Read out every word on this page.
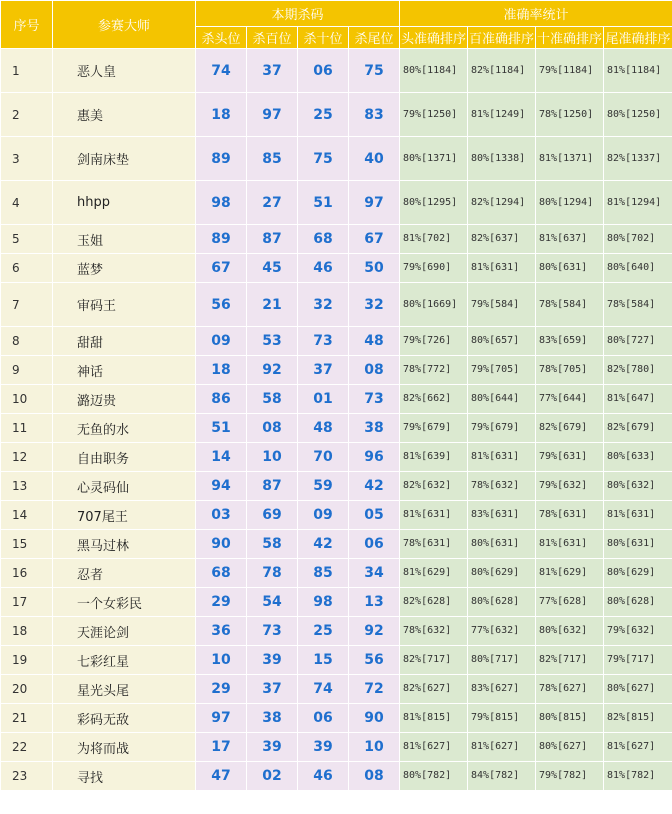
序号	参赛大师	本期杀码				准确率统计			
		杀头位	杀百位	杀十位	杀尾位	头准确排序	百准确排序	十准确排序	尾准确排序
1	恶人皇	74	37	06	75	80%[1184]	82%[1184]	79%[1184]	81%[1184]
2	惠美	18	97	25	83	79%[1250]	81%[1249]	78%[1250]	80%[1250]
3	剑南床垫	89	85	75	40	80%[1371]	80%[1338]	81%[1371]	82%[1337]
4	hhpp	98	27	51	97	80%[1295]	82%[1294]	80%[1294]	81%[1294]
5	玉姐	89	87	68	67	81%[702]	82%[637]	81%[637]	80%[702]
6	蓝梦	67	45	46	50	79%[690]	81%[631]	80%[631]	80%[640]
7	审码王	56	21	32	32	80%[1669]	79%[584]	78%[584]	78%[584]
8	甜甜	09	53	73	48	79%[726]	80%[657]	83%[659]	80%[727]
9	神话	18	92	37	08	78%[772]	79%[705]	78%[705]	82%[780]
10	潞迈贵	86	58	01	73	82%[662]	80%[644]	77%[644]	81%[647]
11	无鱼的水	51	08	48	38	79%[679]	79%[679]	82%[679]	82%[679]
12	自由职务	14	10	70	96	81%[639]	81%[631]	79%[631]	80%[633]
13	心灵码仙	94	87	59	42	82%[632]	78%[632]	79%[632]	80%[632]
14	707尾王	03	69	09	05	81%[631]	83%[631]	78%[631]	81%[631]
15	黑马过林	90	58	42	06	78%[631]	80%[631]	81%[631]	80%[631]
16	忍者	68	78	85	34	81%[629]	80%[629]	81%[629]	80%[629]
17	一个女彩民	29	54	98	13	82%[628]	80%[628]	77%[628]	80%[628]
18	天涯论剑	36	73	25	92	78%[632]	77%[632]	80%[632]	79%[632]
19	七彩红星	10	39	15	56	82%[717]	80%[717]	82%[717]	79%[717]
20	星光头尾	29	37	74	72	82%[627]	83%[627]	78%[627]	80%[627]
21	彩码无敌	97	38	06	90	81%[815]	79%[815]	80%[815]	82%[815]
22	为将而战	17	39	39	10	81%[627]	81%[627]	80%[627]	81%[627]
23	寻找	47	02	46	08	80%[782]	84%[782]	79%[782]	81%[782]
